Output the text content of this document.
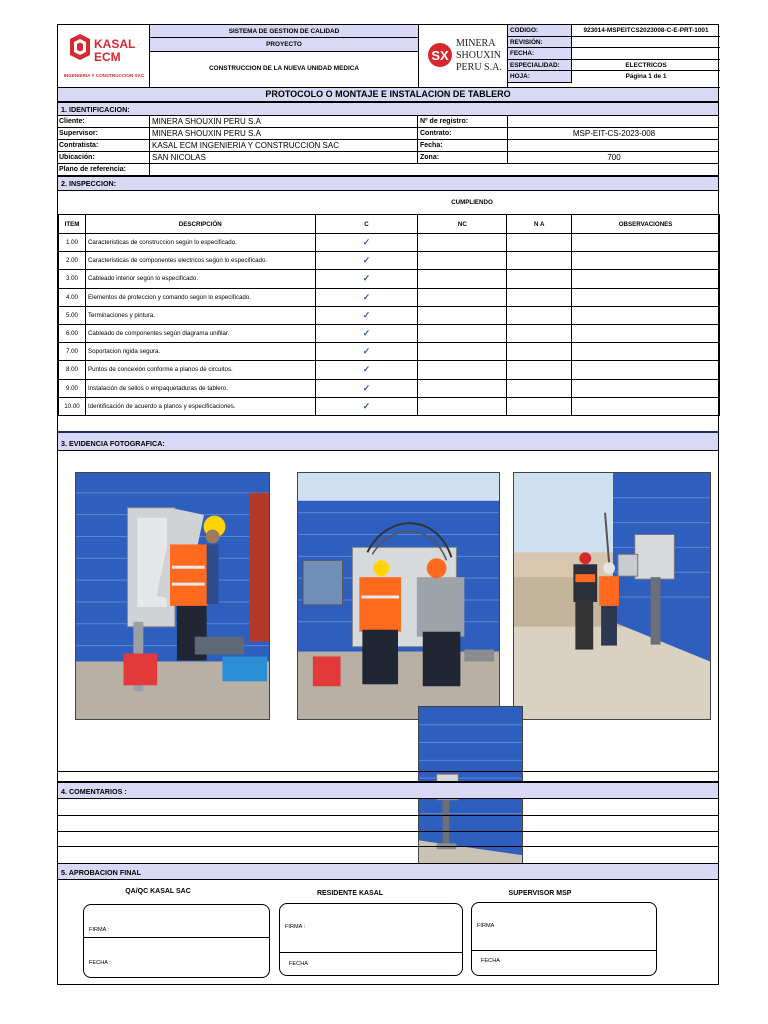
KASAL
ECM
INGENIERIA Y CONSTRUCCION SAC
SISTEMA DE GESTION DE CALIDAD
PROYECTO
CONSTRUCCION DE LA NUEVA UNIDAD MEDICA
SX
MINERA
SHOUXIN
PERU S.A.
CODIGO:	923014-MSPEITCS2023008-C-E-PRT-1001
REVISIÓN:
FECHA:
ESPECIALIDAD:	ELECTRICOS
HOJA:	Página 1 de 1
PROTOCOLO O MONTAJE E INSTALACION DE TABLERO
1. IDENTIFICACION:
Cliente:	MINERA SHOUXIN PERU S.A	Nº de registro:
Supervisor:	MINERA SHOUXIN PERU S.A	Contrato:	MSP-EIT-CS-2023-008
Contratista:	KASAL ECM INGENIERIA Y CONSTRUCCION SAC	Fecha:
Ubicación:	SAN NICOLAS	Zona:	700
Plano de referencia:
2. INSPECCION:
CUMPLIENDO
ITEM	DESCRIPCIÓN	C	NC	N A	OBSERVACIONES
1.00	Caracteristicas de construccion según lo especificado.	✓			
2.00	Caracteristicas de componentes electricos según lo especificado.	✓			
3.00	Cableado interior según lo especificado.	✓			
4.00	Elementos de proteccion y comando según lo especificado.	✓			
5.00	Terminaciones y pintura.	✓			
6.00	Cableado de componentes según diagrama unifilar.	✓			
7.00	Soportacion rigida segura.	✓			
8.00	Puntos de concexión conforme a planos de circuitos.	✓			
9.00	Instalación de sellos o empaquetaduras de tablero.	✓			
10.00	Identificación de acuerdo a planos y especificaciones.	✓			
3. EVIDENCIA FOTOGRAFICA:
4. COMENTARIOS :
5. APROBACION FINAL
QA/QC KASAL SAC	RESIDENTE KASAL	SUPERVISOR MSP
FIRMA :
FECHA :
FIRMA :
FECHA
FIRMA
FECHA
